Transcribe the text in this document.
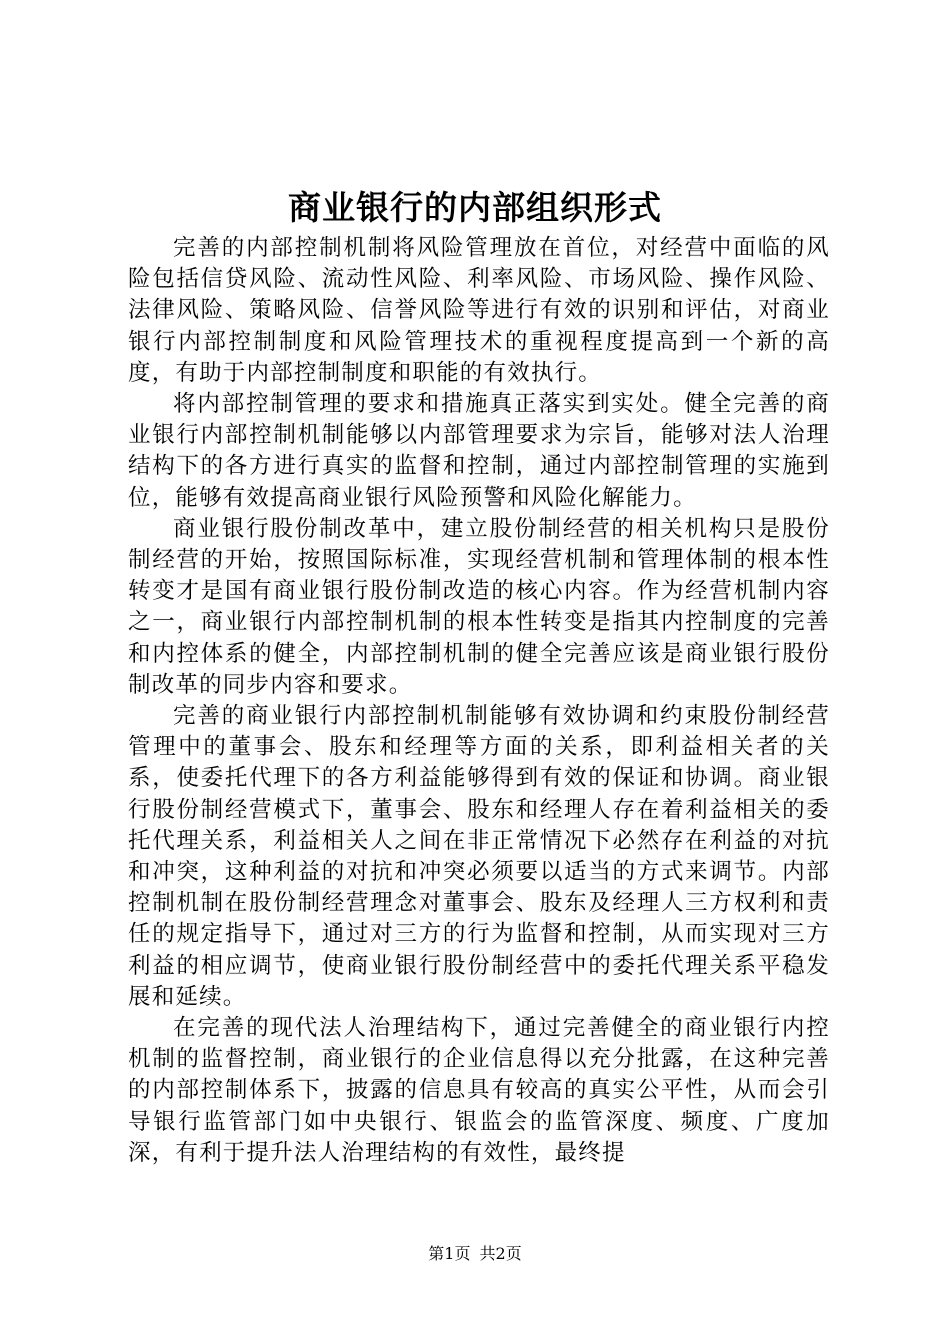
商业银行的内部组织形式

完善的内部控制机制将风险管理放在首位，对经营中面临的风险包括信贷风险、流动性风险、利率风险、市场风险、操作风险、法律风险、策略风险、信誉风险等进行有效的识别和评估，对商业银行内部控制制度和风险管理技术的重视程度提高到一个新的高度，有助于内部控制制度和职能的有效执行。

将内部控制管理的要求和措施真正落实到实处。健全完善的商业银行内部控制机制能够以内部管理要求为宗旨，能够对法人治理结构下的各方进行真实的监督和控制，通过内部控制管理的实施到位，能够有效提高商业银行风险预警和风险化解能力。

商业银行股份制改革中，建立股份制经营的相关机构只是股份制经营的开始，按照国际标准，实现经营机制和管理体制的根本性转变才是国有商业银行股份制改造的核心内容。作为经营机制内容之一，商业银行内部控制机制的根本性转变是指其内控制度的完善和内控体系的健全，内部控制机制的健全完善应该是商业银行股份制改革的同步内容和要求。

完善的商业银行内部控制机制能够有效协调和约束股份制经营管理中的董事会、股东和经理等方面的关系，即利益相关者的关系，使委托代理下的各方利益能够得到有效的保证和协调。商业银行股份制经营模式下，董事会、股东和经理人存在着利益相关的委托代理关系，利益相关人之间在非正常情况下必然存在利益的对抗和冲突，这种利益的对抗和冲突必须要以适当的方式来调节。内部控制机制在股份制经营理念对董事会、股东及经理人三方权利和责任的规定指导下，通过对三方的行为监督和控制，从而实现对三方利益的相应调节，使商业银行股份制经营中的委托代理关系平稳发展和延续。

在完善的现代法人治理结构下，通过完善健全的商业银行内控机制的监督控制，商业银行的企业信息得以充分批露，在这种完善的内部控制体系下，披露的信息具有较高的真实公平性，从而会引导银行监管部门如中央银行、银监会的监管深度、频度、广度加深，有利于提升法人治理结构的有效性，最终提

第1页 共2页
